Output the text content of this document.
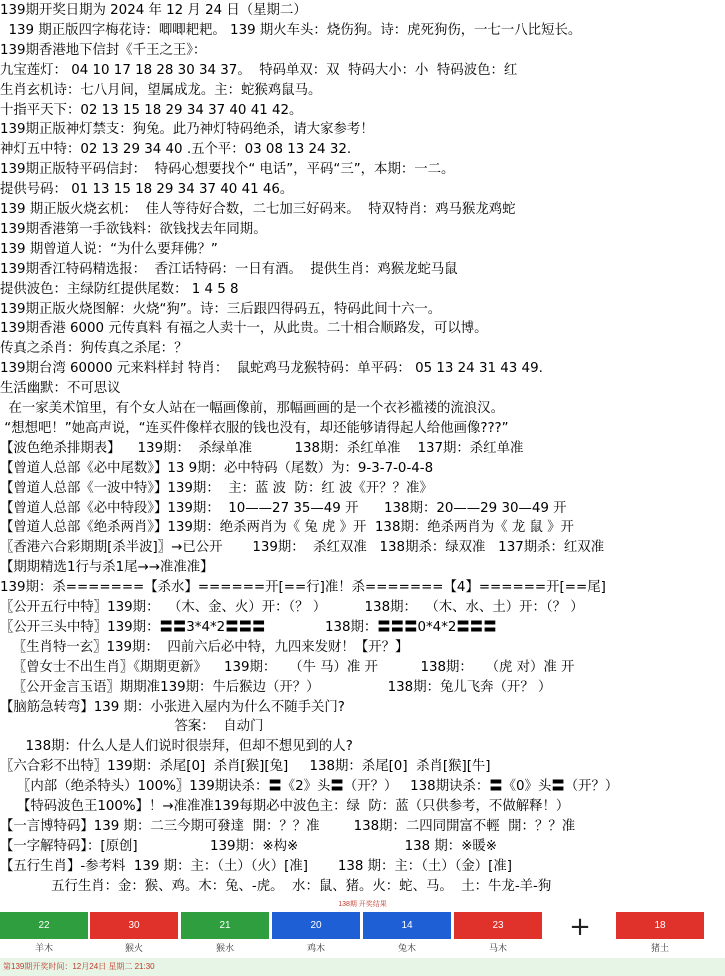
139期开奖日期为 2024 年 12 月 24 日（星期二）
139 期正版四字梅花诗：唧唧耙耙。 139 期火车头：烧伤狗。诗：虎死狗伤，一七一八比短长。
139期香港地下信封《千王之王》：
九宝莲灯： 04 10 17 18 28 30 34 37。  特码单双：双  特码大小：小  特码波色：红
生肖玄机诗：七八月间，望属成龙。主：蛇猴鸡鼠马。
十指平天下：02 13 15 18 29 34 37 40 41 42。
139期正版神灯禁支：狗兔。此乃神灯特码绝杀，请大家参考！
神灯五中特：02 13 29 34 40 .五个平：03 08 13 24 32.
139期正版特平码信封：  特码心想要找个“ 电话”，平码“三”，本期：一二。
提供号码： 01 13 15 18 29 34 37 40 41 46。
139 期正版火烧玄机：  佳人等待好合数，二七加三好码来。  特双特肖：鸡马猴龙鸡蛇
139期香港第一手欲钱料：欲钱找去年同期。
139 期曾道人说：“为什么要拜佛？”
139期香江特码精选报：  香江话特码：一日有酒。  提供生肖：鸡猴龙蛇马鼠
提供波色：主绿防红提供尾数： 1 4 5 8
139期正版火烧图解：火烧“狗”。诗：三后跟四得码五，特码此间十六一。
139期香港 6000 元传真料 有福之人卖十一，从此贵。二十相合顺路发，可以博。
传真之杀肖：狗传真之杀尾：？
139期台湾 60000 元来料样封 特肖：  鼠蛇鸡马龙猴特码：单平码： 05 13 24 31 43 49.
生活幽默：不可思议
在一家美术馆里，有个女人站在一幅画像前，那幅画画的是一个衣衫褴褛的流浪汉。
“想想吧！”她高声说，“连买件像样衣服的钱也没有，却还能够请得起人给他画像???”
【波色绝杀排期表】    139期：  杀绿单准          138期：杀红单准    137期：杀红单准
【曾道人总部《必中尾数》】13 9期：必中特码（尾数）为：9-3-7-0-4-8
【曾道人总部《一波中特》】139期：  主：蓝 波  防：红 波《开？？准》
【曾道人总部《必中特段》】139期：  10——27 35—49 开      138期：20——29 30—49 开
【曾道人总部《绝杀两肖》】139期：绝杀两肖为《 兔 虎 》开  138期：绝杀两肖为《 龙 鼠 》开
〖香港六合彩期期[杀半波]〗→已公开       139期：  杀红双准   138期杀：绿双准   137期杀：红双准
【期期精选1行与杀1尾→→准准准】
139期：杀=======【杀水】======开[==行]准！杀=======【4】======开[==尾]
〖公开五行中特〗139期：  （木、金、火）开：（？ ）         138期：  （木、水、土）开：（？ ）
〖公开三头中特〗139期：〓〓3*4*2〓〓〓              138期：〓〓〓0*4*2〓〓〓
〖生肖特一玄〗139期：  四前六后必中特，九四来发财！【开？】
〖曾女士不出生肖〗《期期更新》    139期：   （牛 马）准 开          138期：   （虎 对）准 开
〖公开金言玉语〗期期准139期：牛后猴边（开？）                138期：兔儿飞奔（开？ ）
【脑筋急转弯】139 期：小张进入屋内为什么不随手关门?
答案：  自动门
138期：什么人是人们说时很崇拜，但却不想见到的人?
〖六合彩不出特〗139期：杀尾[0]  杀肖[猴][兔]     138期：杀尾[0]  杀肖[猴][牛]
〖内部（绝杀特头）100%〗139期诀杀：〓《2》头〓（开？）   138期诀杀：〓《0》头〓（开？）
【特码波色王100%】！→准准准139每期必中波色主：绿  防：蓝（只供参考，不做解释！）
【一言博特码】139 期：二三今期可發達  開：？？准        138期：二四同開富不輕  開：？？准
【一字解特码】：[原创]                 139期：※构※                         138 期：※暖※
【五行生肖】-参考料  139 期：主：（土）（火）[准]       138 期：主：（土）（金）[准]
五行生肖：金：猴、鸡。木：兔、-虎。  水：鼠、猪。火：蛇、马。  土：牛龙-羊-狗
138期 开奖结果
22
羊木
30
猴火
21
猴水
20
鸡木
14
兔木
23
马木
18
猪土
+
第139期开奖时间：12月24日 星期二 21:30
